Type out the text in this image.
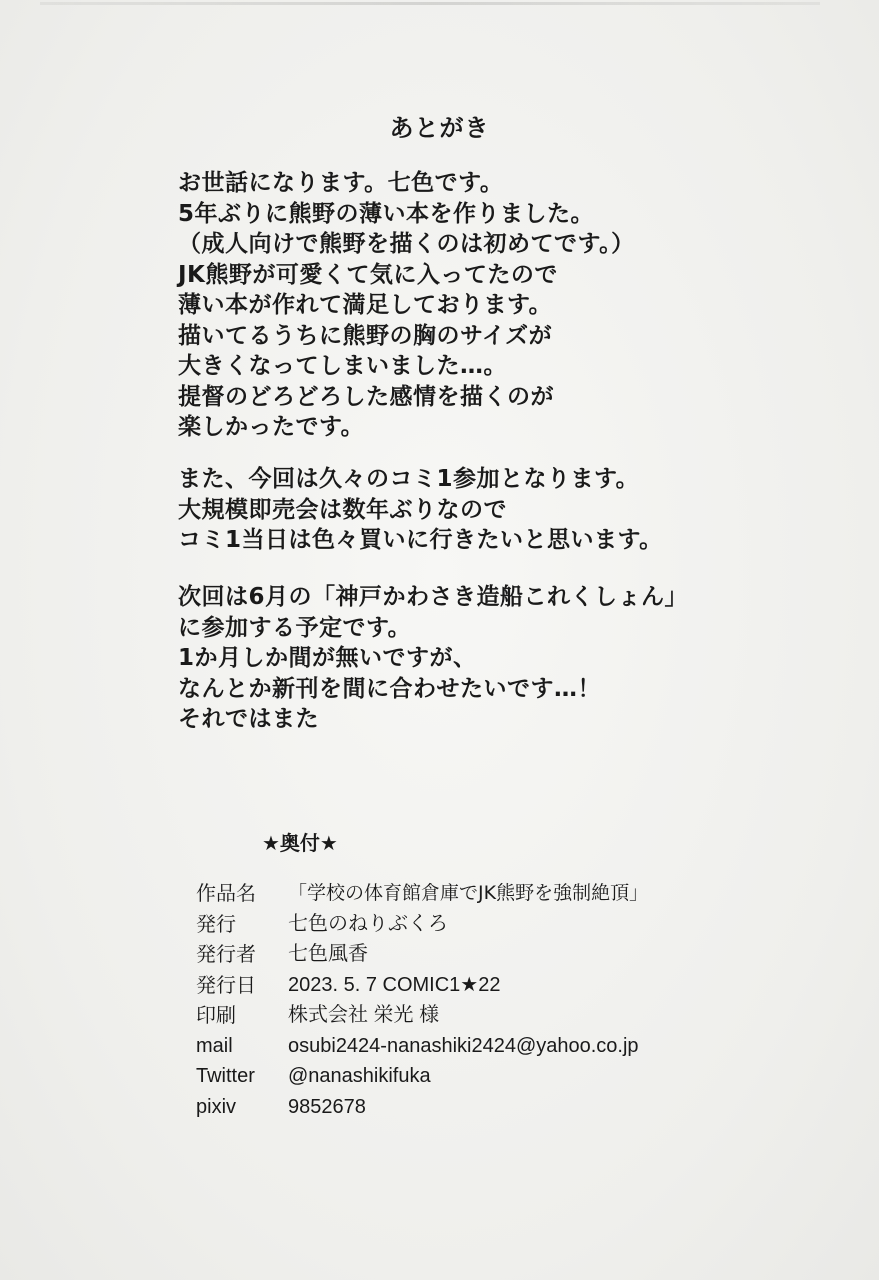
あとがき
お世話になります。七色です。
5年ぶりに熊野の薄い本を作りました。
（成人向けで熊野を描くのは初めてです。）
JK熊野が可愛くて気に入ってたので
薄い本が作れて満足しております。
描いてるうちに熊野の胸のサイズが
大きくなってしまいました…。
提督のどろどろした感情を描くのが
楽しかったです。
また、今回は久々のコミ1参加となります。
大規模即売会は数年ぶりなので
コミ1当日は色々買いに行きたいと思います。
次回は6月の「神戸かわさき造船これくしょん」
に参加する予定です。
1か月しか間が無いですが、
なんとか新刊を間に合わせたいです…！
それではまた
★奥付★
作品名	「学校の体育館倉庫でJK熊野を強制絶頂」
発行	七色のねりぶくろ
発行者	七色風香
発行日	2023. 5. 7 COMIC1★22
印刷	株式会社 栄光 様
mail	osubi2424-nanashiki2424@yahoo.co.jp
Twitter	@nanashikifuka
pixiv	9852678
